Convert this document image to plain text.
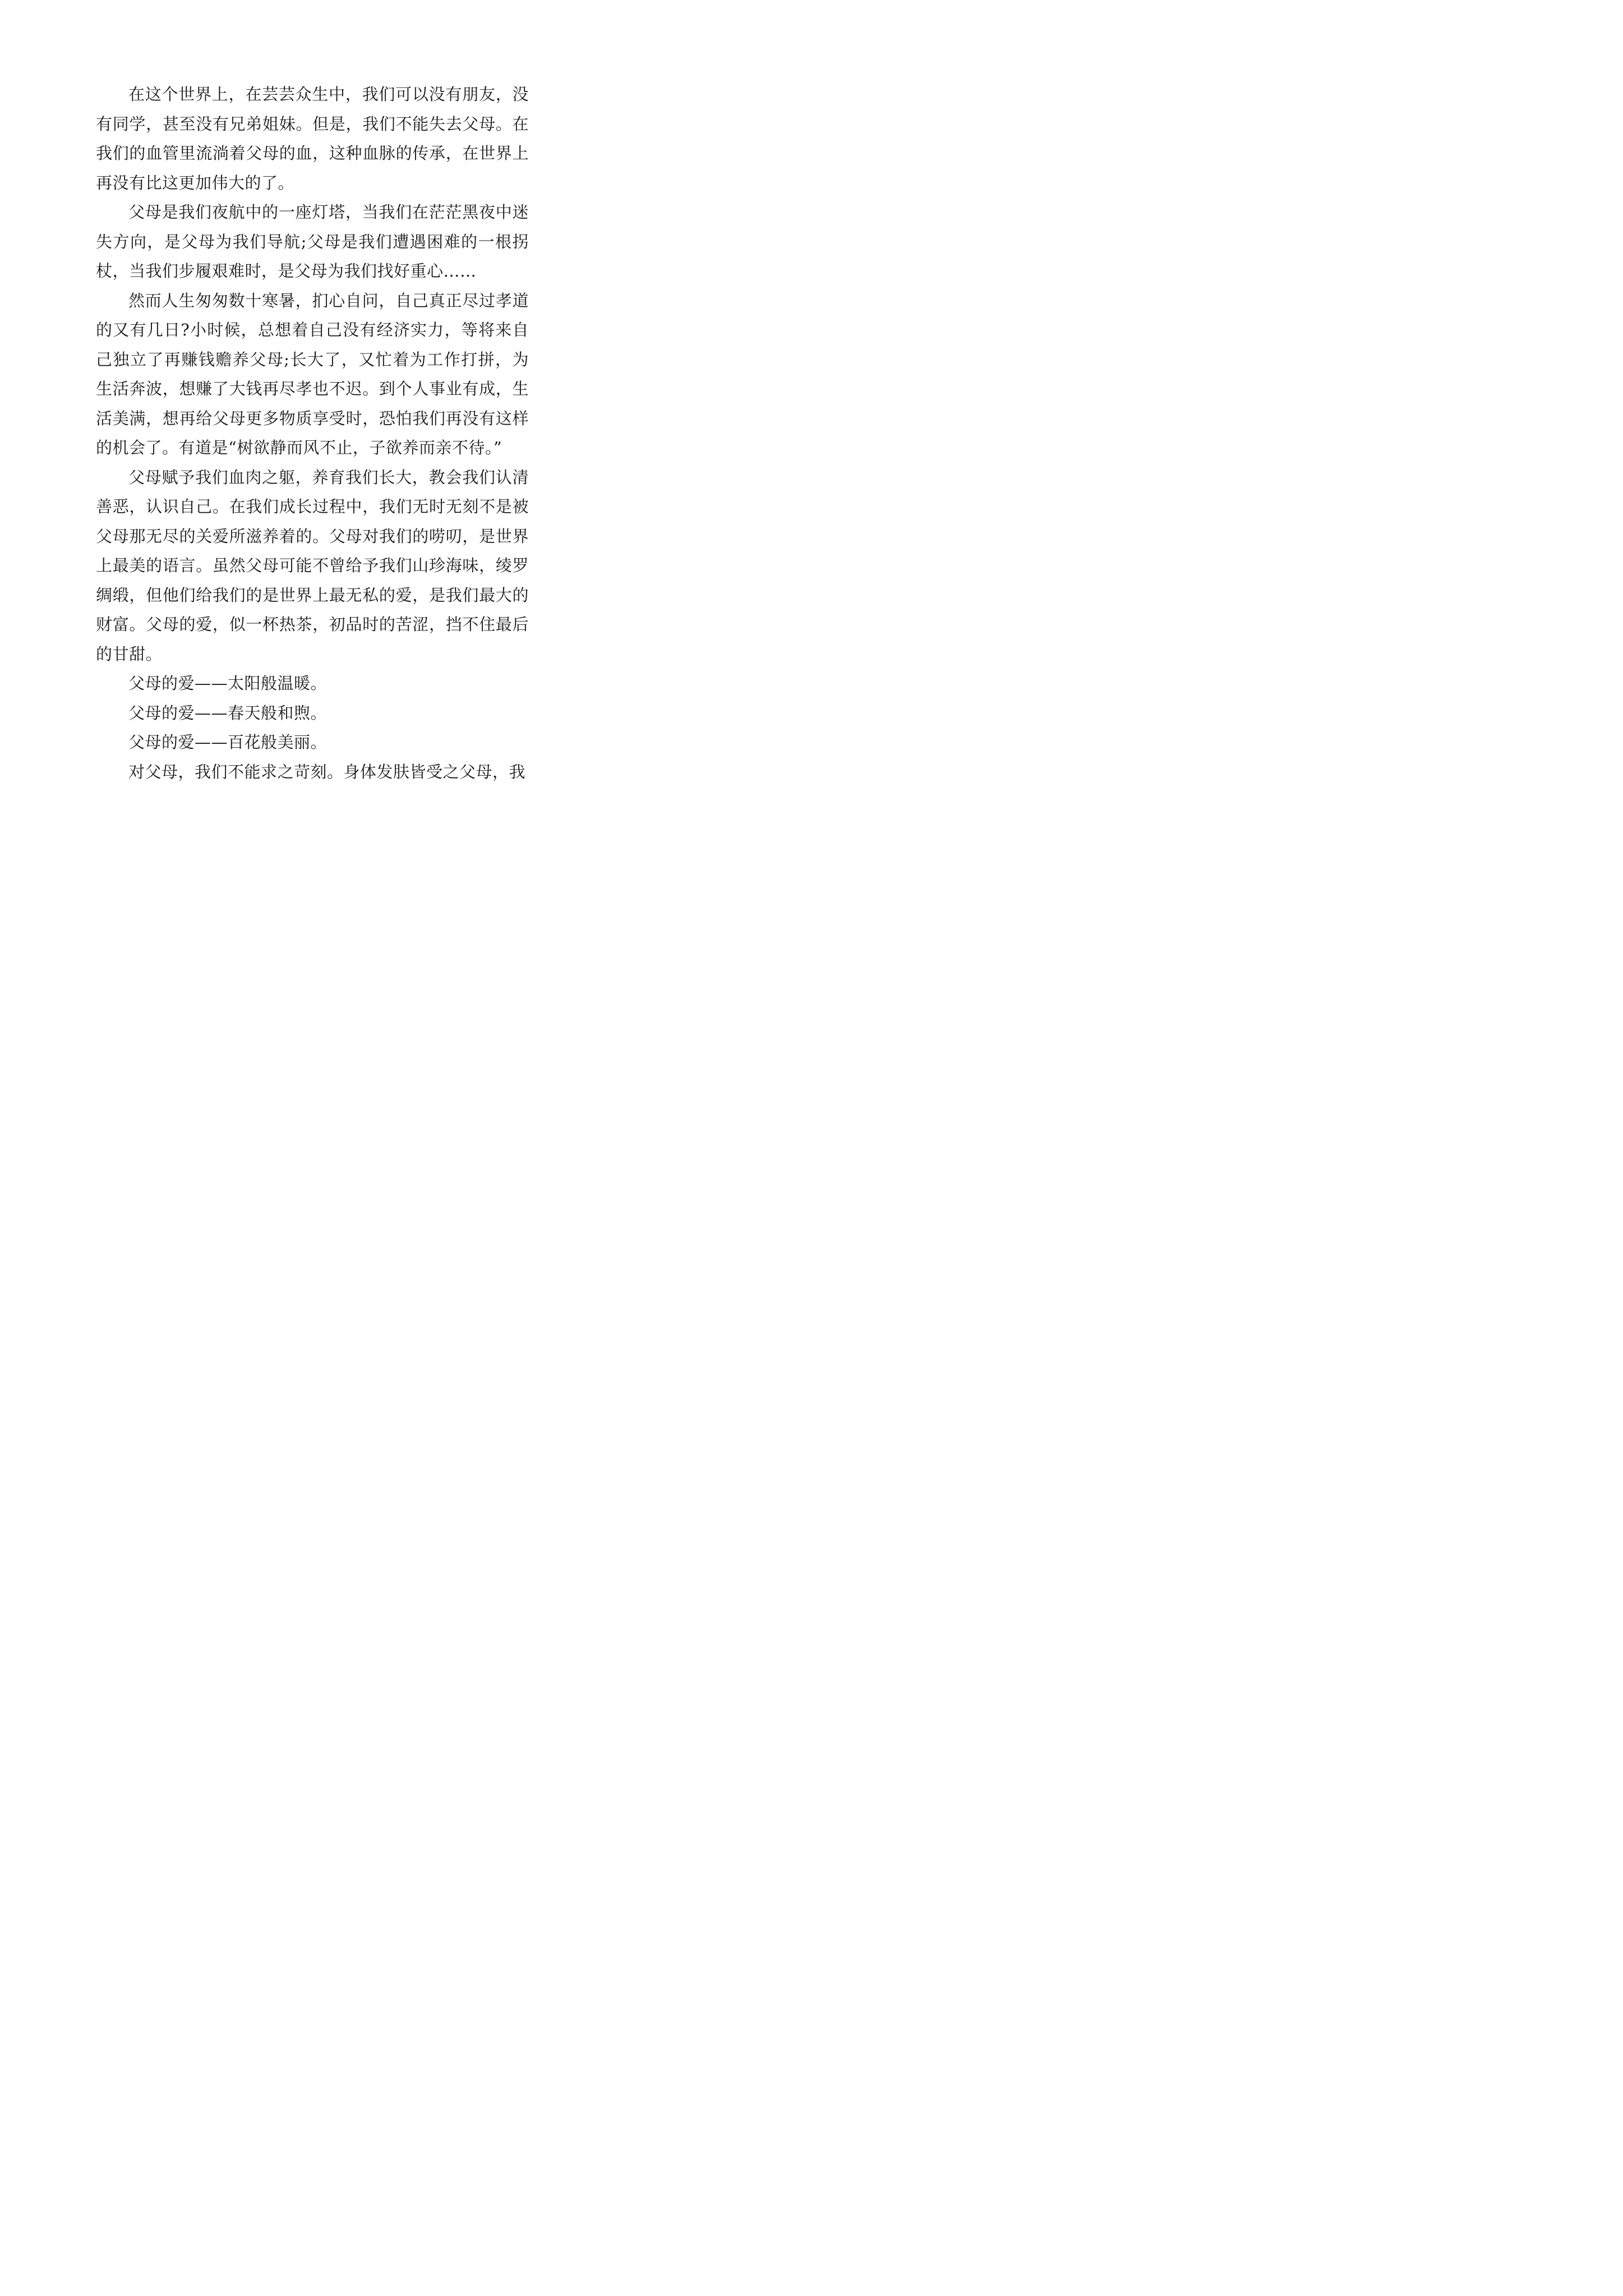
在这个世界上，在芸芸众生中，我们可以没有朋友，没有同学，甚至没有兄弟姐妹。但是，我们不能失去父母。在我们的血管里流淌着父母的血，这种血脉的传承，在世界上再没有比这更加伟大的了。

父母是我们夜航中的一座灯塔，当我们在茫茫黑夜中迷失方向，是父母为我们导航;父母是我们遭遇困难的一根拐杖，当我们步履艰难时，是父母为我们找好重心……

然而人生匆匆数十寒暑，扪心自问，自己真正尽过孝道的又有几日?小时候，总想着自己没有经济实力，等将来自己独立了再赚钱赡养父母;长大了，又忙着为工作打拼，为生活奔波，想赚了大钱再尽孝也不迟。到个人事业有成，生活美满，想再给父母更多物质享受时，恐怕我们再没有这样的机会了。有道是“树欲静而风不止，子欲养而亲不待。”

父母赋予我们血肉之躯，养育我们长大，教会我们认清善恶，认识自己。在我们成长过程中，我们无时无刻不是被父母那无尽的关爱所滋养着的。父母对我们的唠叨，是世界上最美的语言。虽然父母可能不曾给予我们山珍海味，绫罗绸缎，但他们给我们的是世界上最无私的爱，是我们最大的财富。父母的爱，似一杯热茶，初品时的苦涩，挡不住最后的甘甜。

父母的爱——太阳般温暖。

父母的爱——春天般和煦。

父母的爱——百花般美丽。

对父母，我们不能求之苛刻。身体发肤皆受之父母，我
